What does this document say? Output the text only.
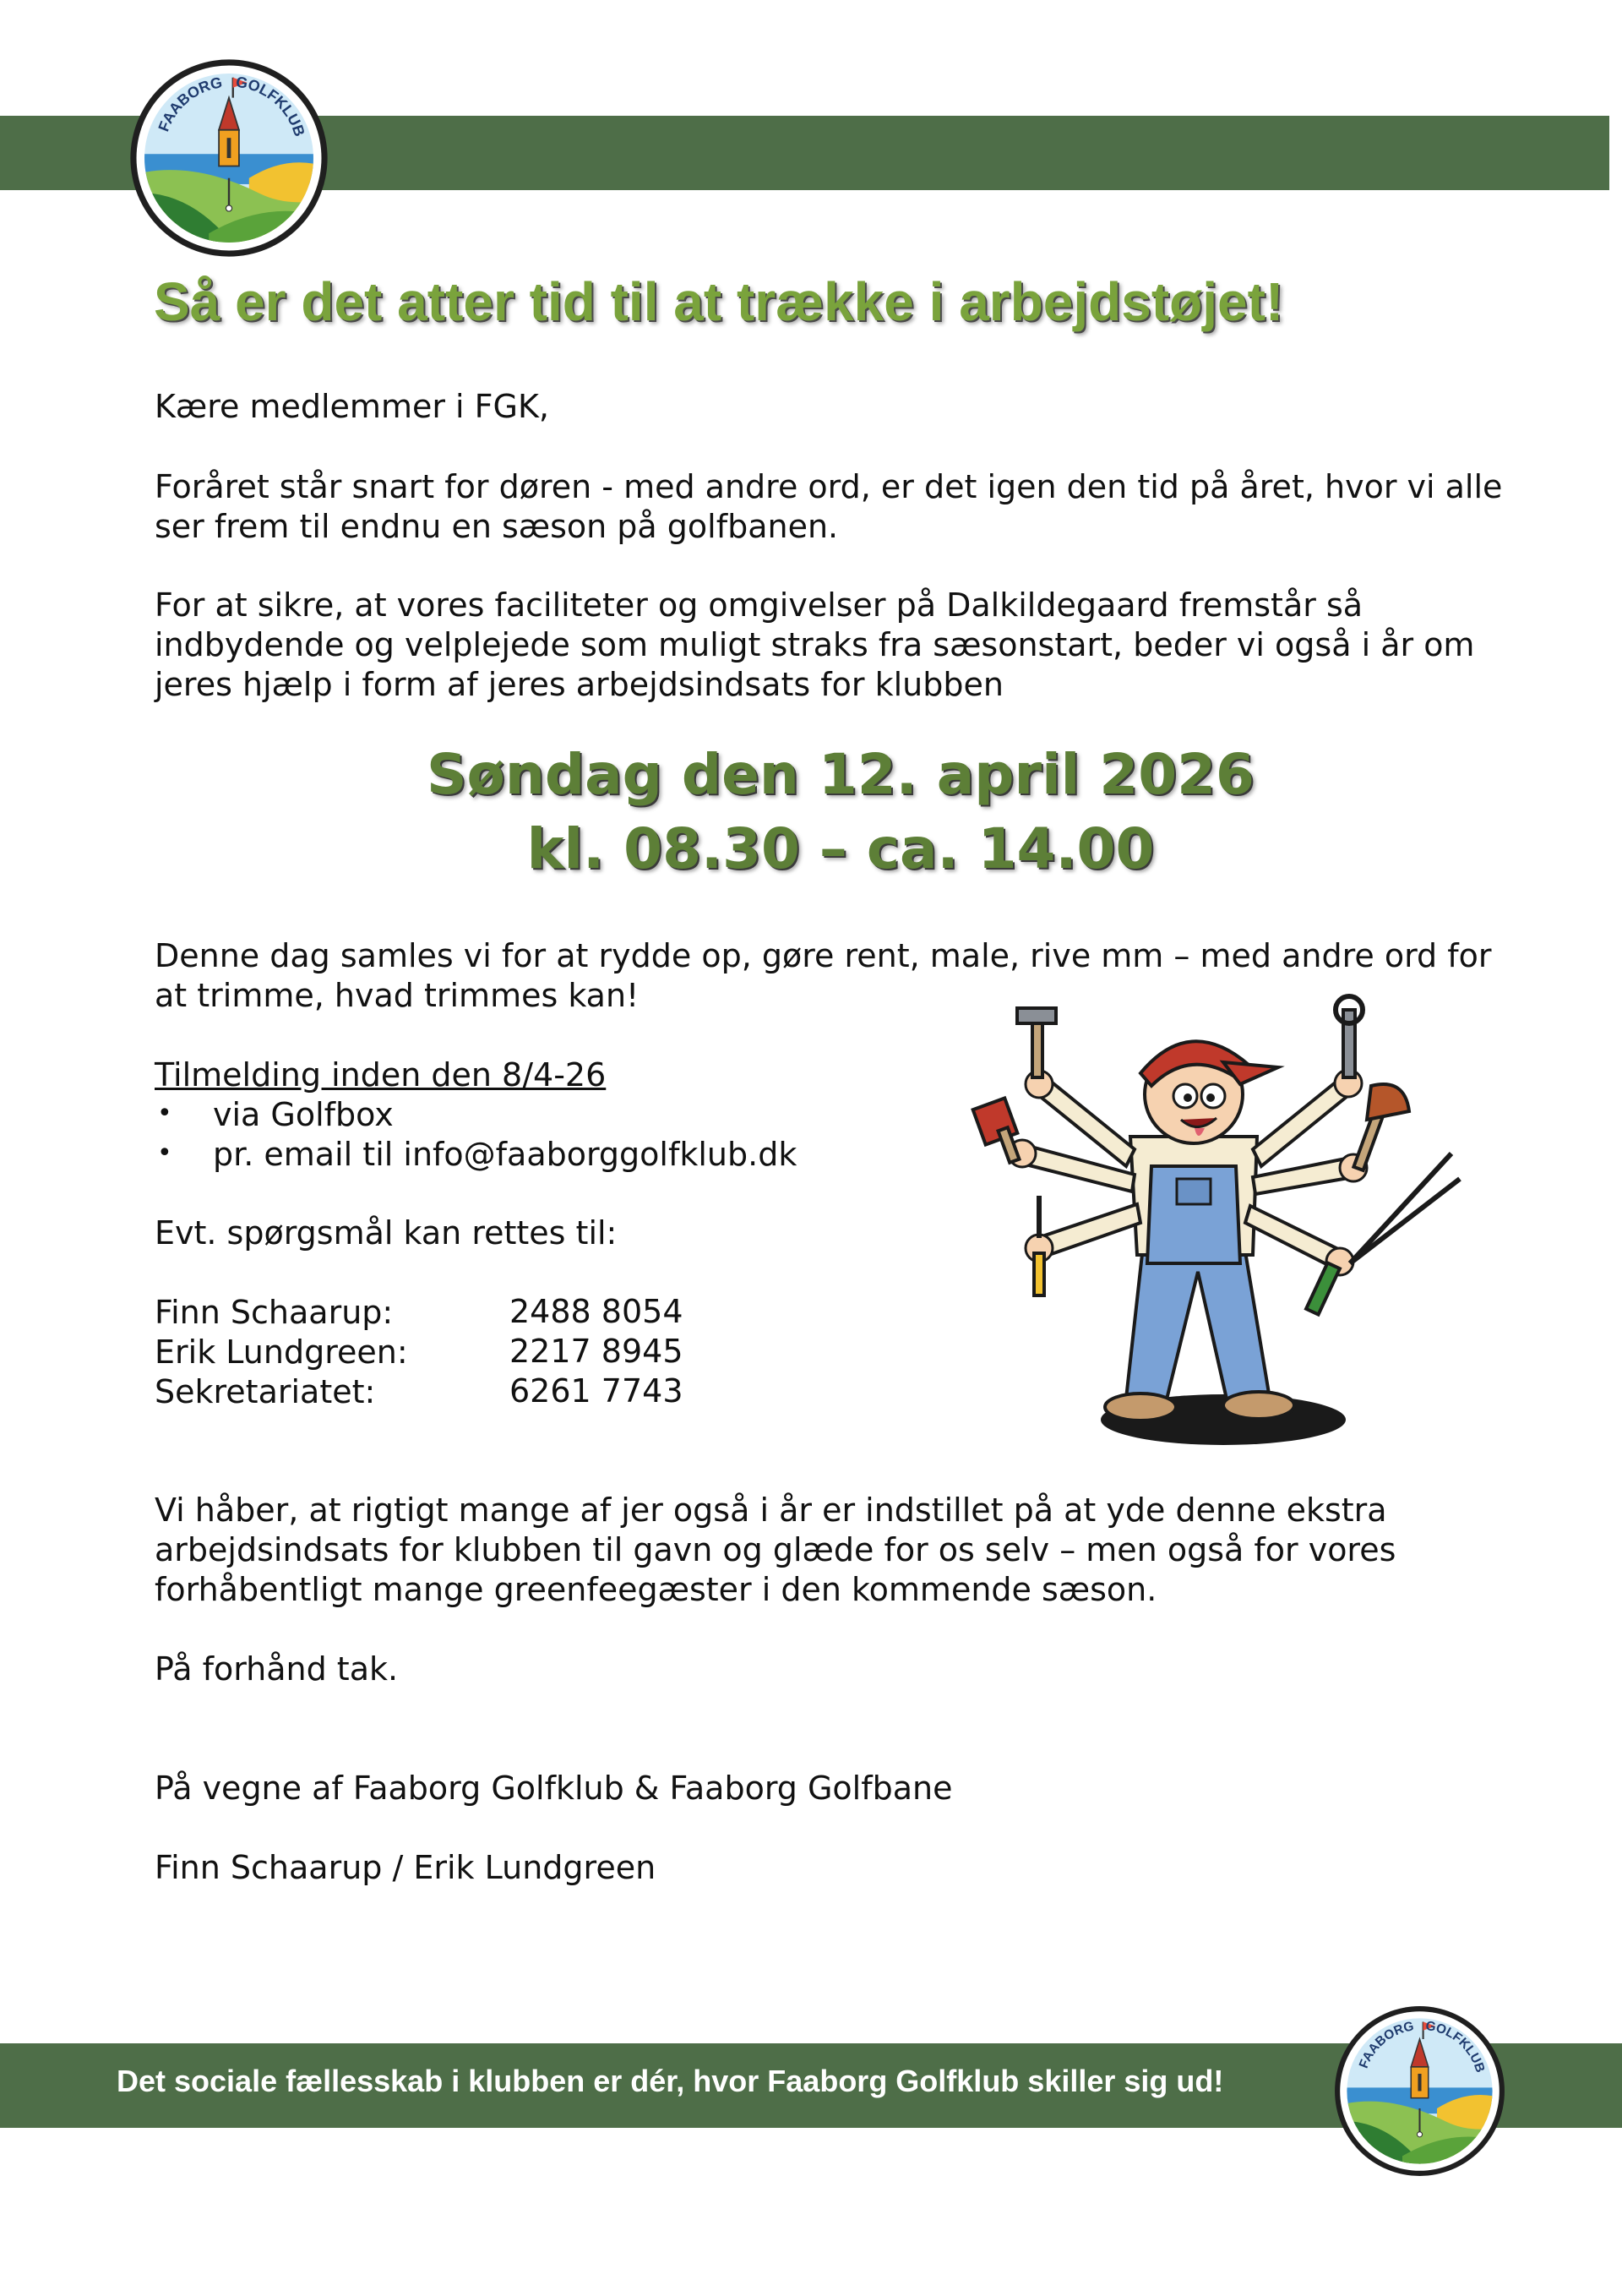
FAABORG GOLFKLUB
Så er det atter tid til at trække i arbejdstøjet!

Kære medlemmer i FGK,

Foråret står snart for døren - med andre ord, er det igen den tid på året, hvor vi alle

ser frem til endnu en sæson på golfbanen.

For at sikre, at vores faciliteter og omgivelser på Dalkildegaard fremstår så

indbydende og velplejede som muligt straks fra sæsonstart, beder vi også i år om

jeres hjælp i form af jeres arbejdsindsats for klubben

Søndag den 12. april 2026
kl. 08.30 – ca. 14.00

Denne dag samles vi for at rydde op, gøre rent, male, rive mm – med andre ord for

at trimme, hvad trimmes kan!

Tilmelding inden den 8/4-26

• via Golfbox

• pr. email til info@faaborggolfklub.dk

Evt. spørgsmål kan rettes til:

Finn Schaarup:	2488 8054

Erik Lundgreen:	2217 8945

Sekretariatet:	6261 7743

Vi håber, at rigtigt mange af jer også i år er indstillet på at yde denne ekstra

arbejdsindsats for klubben til gavn og glæde for os selv – men også for vores

forhåbentligt mange greenfeegæster i den kommende sæson.

På forhånd tak.

På vegne af Faaborg Golfklub & Faaborg Golfbane

Finn Schaarup / Erik Lundgreen

Det sociale fællesskab i klubben er dér, hvor Faaborg Golfklub skiller sig ud!	FAABORG GOLFKLUB
